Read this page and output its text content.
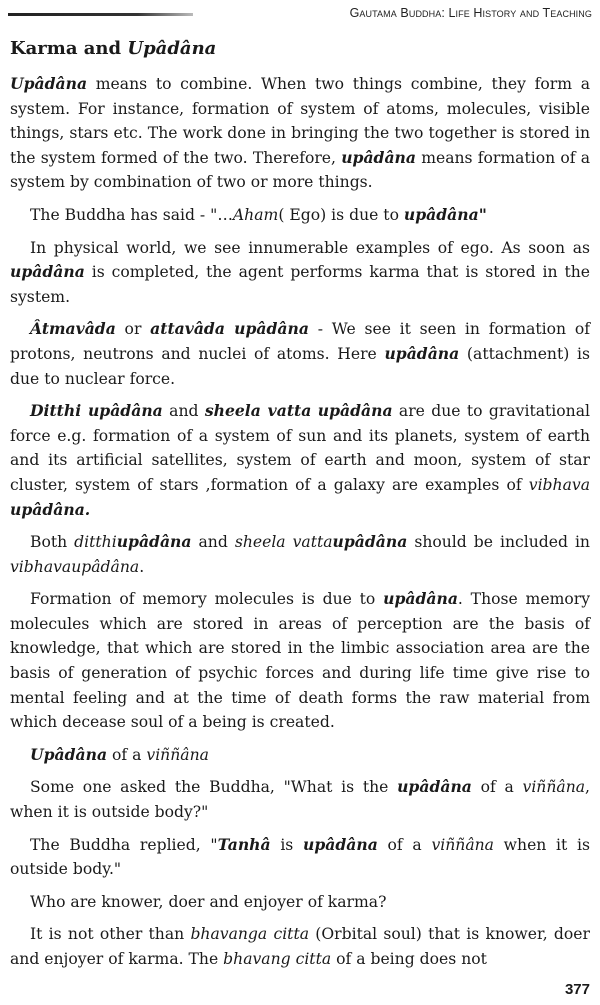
Gautama Buddha: Life History and Teaching
Karma and Upâdâna

Upâdâna means to combine. When two things combine, they form a system. For instance, formation of system of atoms, molecules, visible things, stars etc. The work done in bringing the two together is stored in the system formed of the two. Therefore, upâdâna means formation of a system by combination of two or more things.

The Buddha has said - "…Aham( Ego) is due to upâdâna"

In physical world, we see innumerable examples of ego. As soon as upâdâna is completed, the agent performs karma that is stored in the system.

Âtmavâda or attavâda upâdâna - We see it seen in formation of protons, neutrons and nuclei of atoms. Here upâdâna (attachment) is due to nuclear force.

Ditthi upâdâna and sheela vatta upâdâna are due to gravitational force e.g. formation of a system of sun and its planets, system of earth and its artificial satellites, system of earth and moon, system of star cluster, system of stars ,formation of a galaxy are examples of vibhava upâdâna.

Both ditthiupâdâna and sheela vattaupâdâna should be included in vibhavaupâdâna.

Formation of memory molecules is due to upâdâna. Those memory molecules which are stored in areas of perception are the basis of knowledge, that which are stored in the limbic association area are the basis of generation of psychic forces and during life time give rise to mental feeling and at the time of death forms the raw material from which decease soul of a being is created.

Upâdâna of a viññâna

Some one asked the Buddha, "What is the upâdâna of a viññâna, when it is outside body?"

The Buddha replied, "Tanhâ is upâdâna of a viññâna when it is outside body."

Who are knower, doer and enjoyer of karma?

It is not other than bhavanga citta (Orbital soul) that is knower, doer and enjoyer of karma. The bhavang citta of a being does not

377
